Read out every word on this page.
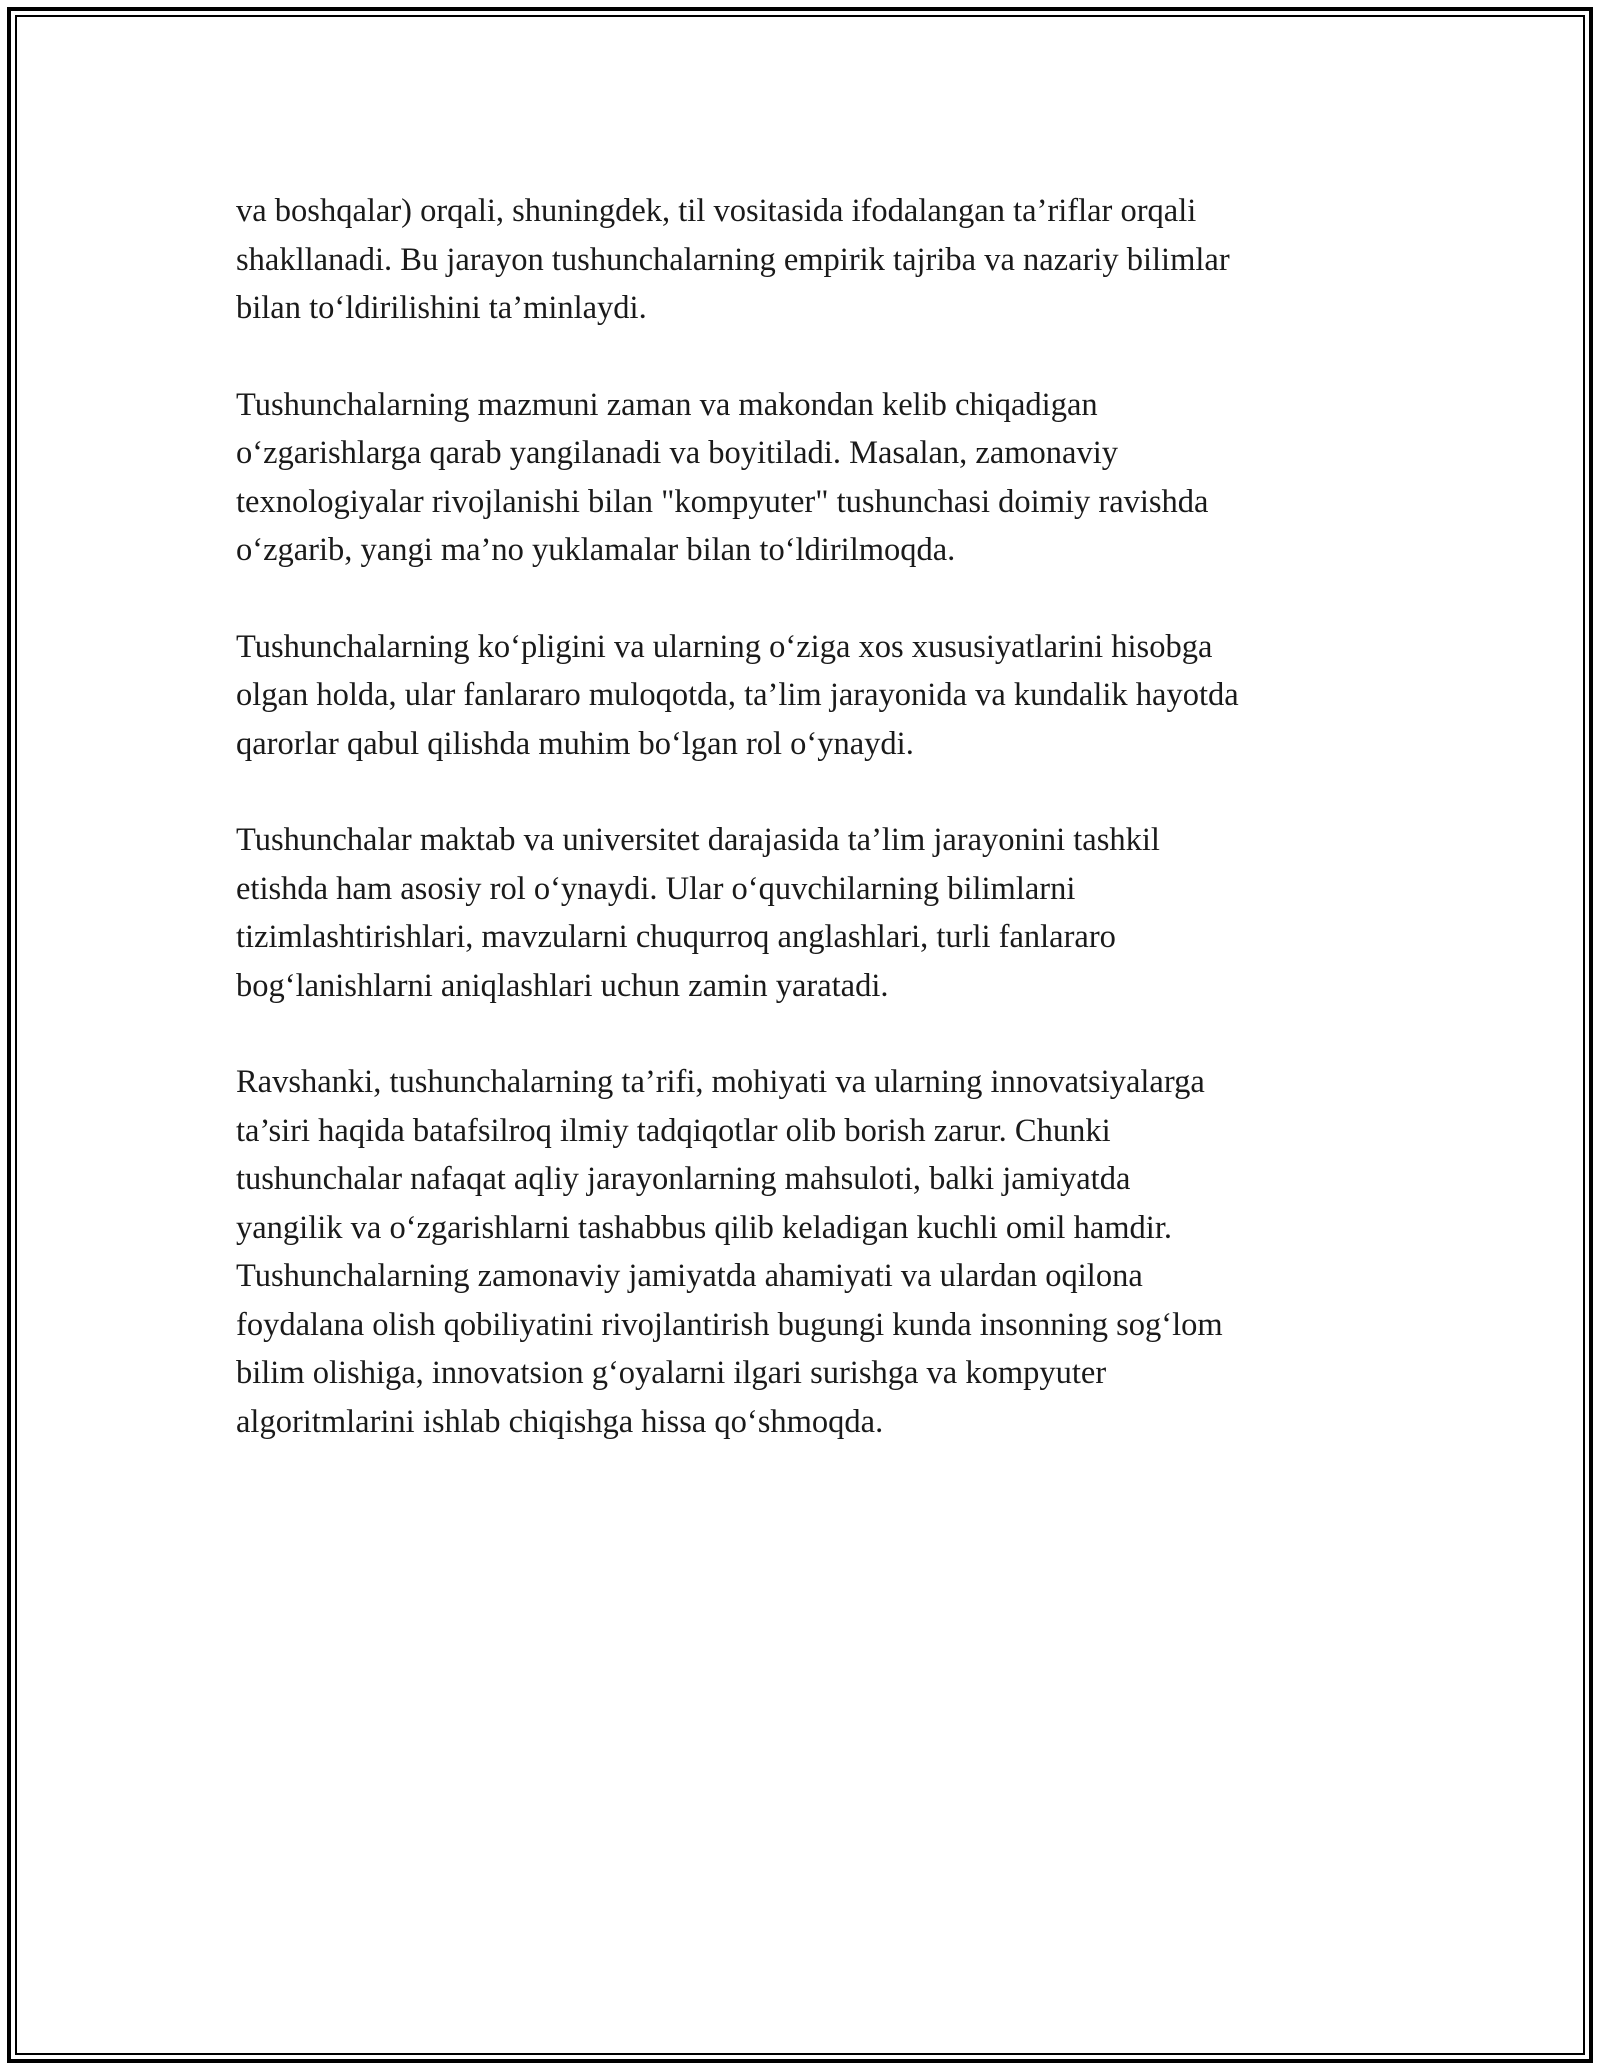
va boshqalar) orqali, shuningdek, til vositasida ifodalangan ta’riflar orqali
shakllanadi. Bu jarayon tushunchalarning empirik tajriba va nazariy bilimlar
bilan to‘ldirilishini ta’minlaydi.

Tushunchalarning mazmuni zaman va makondan kelib chiqadigan
o‘zgarishlarga qarab yangilanadi va boyitiladi. Masalan, zamonaviy
texnologiyalar rivojlanishi bilan "kompyuter" tushunchasi doimiy ravishda
o‘zgarib, yangi ma’no yuklamalar bilan to‘ldirilmoqda.

Tushunchalarning ko‘pligini va ularning o‘ziga xos xususiyatlarini hisobga
olgan holda, ular fanlararo muloqotda, ta’lim jarayonida va kundalik hayotda
qarorlar qabul qilishda muhim bo‘lgan rol o‘ynaydi.

Tushunchalar maktab va universitet darajasida ta’lim jarayonini tashkil
etishda ham asosiy rol o‘ynaydi. Ular o‘quvchilarning bilimlarni
tizimlashtirishlari, mavzularni chuqurroq anglashlari, turli fanlararo
bog‘lanishlarni aniqlashlari uchun zamin yaratadi.

Ravshanki, tushunchalarning ta’rifi, mohiyati va ularning innovatsiyalarga
ta’siri haqida batafsilroq ilmiy tadqiqotlar olib borish zarur. Chunki
tushunchalar nafaqat aqliy jarayonlarning mahsuloti, balki jamiyatda
yangilik va o‘zgarishlarni tashabbus qilib keladigan kuchli omil hamdir.
Tushunchalarning zamonaviy jamiyatda ahamiyati va ulardan oqilona
foydalana olish qobiliyatini rivojlantirish bugungi kunda insonning sog‘lom
bilim olishiga, innovatsion g‘oyalarni ilgari surishga va kompyuter
algoritmlarini ishlab chiqishga hissa qo‘shmoqda.
